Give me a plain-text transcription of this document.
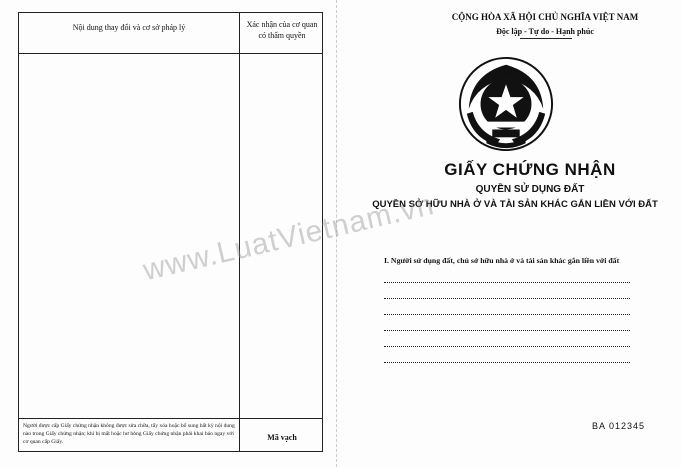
Nội dung thay đổi và cơ sở pháp lý	Xác nhận của cơ quan
có thẩm quyền
Người được cấp Giấy chứng nhận không được sửa chữa, tẩy xóa hoặc bổ sung bất kỳ nội dung nào trong Giấy chứng nhận; khi bị mất hoặc hư hỏng Giấy chứng nhận phải khai báo ngay với cơ quan cấp Giấy.	Mã vạch
CỘNG HÒA XÃ HỘI CHỦ NGHĨA VIỆT NAM
Độc lập - Tự do - Hạnh phúc
GIẤY CHỨNG NHẬN
QUYỀN SỬ DỤNG ĐẤT
QUYỀN SỞ HỮU NHÀ Ở VÀ TÀI SẢN KHÁC GẮN LIỀN VỚI ĐẤT
I. Người sử dụng đất, chủ sở hữu nhà ở và tài sản khác gắn liền với đất
BA 012345
www.LuatVietnam.vn
